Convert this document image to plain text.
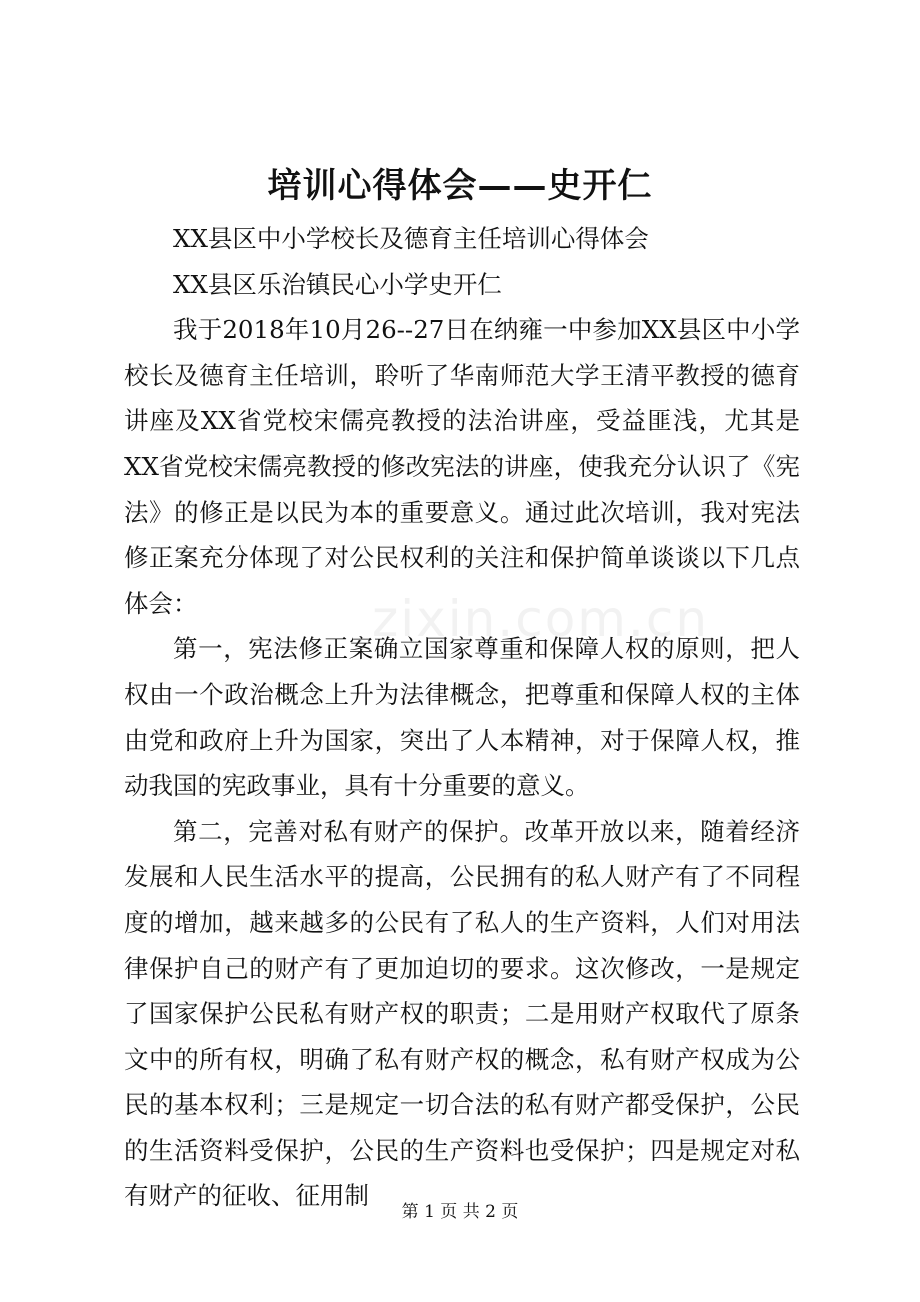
培训心得体会——史开仁

XX县区中小学校长及德育主任培训心得体会

XX县区乐治镇民心小学史开仁

我于2018年10月26--27日在纳雍一中参加XX县区中小学校长及德育主任培训，聆听了华南师范大学王清平教授的德育讲座及XX省党校宋儒亮教授的法治讲座，受益匪浅，尤其是XX省党校宋儒亮教授的修改宪法的讲座，使我充分认识了《宪法》的修正是以民为本的重要意义。通过此次培训，我对宪法修正案充分体现了对公民权利的关注和保护简单谈谈以下几点体会：

第一，宪法修正案确立国家尊重和保障人权的原则，把人权由一个政治概念上升为法律概念，把尊重和保障人权的主体由党和政府上升为国家，突出了人本精神，对于保障人权，推动我国的宪政事业，具有十分重要的意义。

第二，完善对私有财产的保护。改革开放以来，随着经济发展和人民生活水平的提高，公民拥有的私人财产有了不同程度的增加，越来越多的公民有了私人的生产资料，人们对用法律保护自己的财产有了更加迫切的要求。这次修改，一是规定了国家保护公民私有财产权的职责；二是用财产权取代了原条文中的所有权，明确了私有财产权的概念，私有财产权成为公民的基本权利；三是规定一切合法的私有财产都受保护，公民的生活资料受保护，公民的生产资料也受保护；四是规定对私有财产的征收、征用制

zixin.com.cn
第 1 页 共 2 页
